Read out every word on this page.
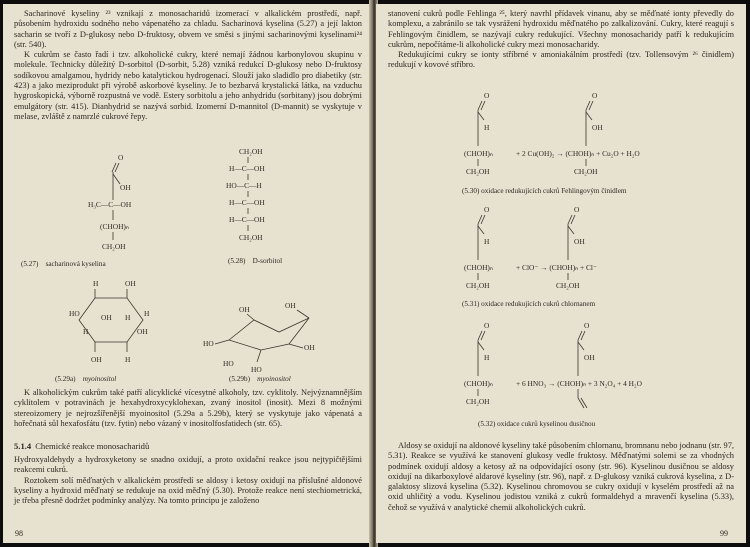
Sacharinové kyseliny ²³ vznikají z monosacharidů izomerací v alkalickém prostředí, např. působením hydroxidu sodného nebo vápenatého za chladu. Sacharinová kyselina (5.27) a její lakton sacharin se tvoří z D-glukosy nebo D-fruktosy, obvem ve směsi s jinými sacharinovými kyselinami²⁴ (str. 540).

K cukrům se často řadí i tzv. alkoholické cukry, které nemají žádnou karbonylovou skupinu v molekule. Technicky důležitý D-sorbitol (D-sorbit, 5.28) vzniká redukcí D-glukosy nebo D-fruktosy sodíkovou amalgamou, hydridy nebo katalytickou hydrogenací. Slouží jako sladidlo pro diabetiky (str. 423) a jako meziprodukt při výrobě askorbové kyseliny. Je to bezbarvá krystalická látka, na vzduchu hygroskopická, výborně rozpustná ve vodě. Estery sorbitolu a jeho anhydridu (sorbitany) jsou dobrými emulgátory (str. 415). Dianhydrid se nazývá sorbid. Izomerní D-mannitol (D-mannit) se vyskytuje v melase, zvláště z namrzlé cukrové řepy.

O
OH
H₃C—C—OH
(CHOH)ₙ
CH₂OH
(5.27) sacharinová kyselina
CH₂OH
H—C—OH
HO—C—H
H—C—OH
H—C—OH
CH₂OH
(5.28) D-sorbitol
H	OH
HO	H
OH H
H	OH
OH	H
(5.29a) myoinositol
OH	OH
HO	OH
HO
HO
(5.29b) myoinositol

K alkoholickým cukrům také patří alicyklické vícesytné alkoholy, tzv. cyklitoly. Nejvýznamnějším cyklitolem v potravinách je hexahydroxycyklohexan, zvaný inositol (inosit). Mezi 8 možnými stereoizomery je nejrozšířenější myoinositol (5.29a a 5.29b), který se vyskytuje jako vápenatá a hořečnatá sůl hexafosfátu (tzv. fytin) nebo vázaný v inositolfosfatidech (str. 65).

5.1.4 Chemické reakce monosacharidů

Hydroxyaldehydy a hydroxyketony se snadno oxidují, a proto oxidační reakce jsou nejtypičtějšími reakcemi cukrů.

Roztokem solí měďnatých v alkalickém prostředí se aldosy i ketosy oxidují na příslušné aldonové kyseliny a hydroxid měďnatý se redukuje na oxid měďný (5.30). Protože reakce není stechiometrická, je třeba přesně dodržet podmínky analýzy. Na tomto principu je založeno

98

stanovení cukrů podle Fehlinga ²⁵, který navrhl přídavek vinanu, aby se měďnaté ionty převedly do komplexu, a zabránilo se tak vysrážení hydroxidu měďnatého po zalkalizování. Cukry, které reagují s Fehlingovým činidlem, se nazývají cukry redukující. Všechny monosacharidy patří k redukujícím cukrům, nepočítáme-li alkoholické cukry mezi monosacharidy.

Redukujícími cukry se ionty stříbrné v amoniakálním prostředí (tzv. Tollensovým ²⁶ činidlem) redukují v kovové stříbro.

O
H
(CHOH)ₙ
CH₂OH
+ 2 Cu(OH)₂ → (CHOH)ₙ + Cu₂O + H₂O
O
OH
CH₂OH
(5.30) oxidace redukujících cukrů Fehlingovým činidlem
O
H
(CHOH)ₙ
CH₂OH
+ ClO⁻ → (CHOH)ₙ + Cl⁻
O
OH
CH₂OH
(5.31) oxidace redukujících cukrů chlornanem
O
H
(CHOH)ₙ
CH₂OH
+ 6 HNO₃ → (CHOH)ₙ + 3 N₂O₄ + 4 H₂O
O
OH
(5.32) oxidace cukrů kyselinou dusičnou

Aldosy se oxidují na aldonové kyseliny také působením chlornanu, bromnanu nebo jodnanu (str. 97, 5.31). Reakce se využívá ke stanovení glukosy vedle fruktosy. Měďnatými solemi se za vhodných podmínek oxidují aldosy a ketosy až na odpovídající osony (str. 96). Kyselinou dusičnou se aldosy oxidují na dikarboxylové aldarové kyseliny (str. 96), např. z D-glukosy vzniká cukrová kyselina, z D-galaktosy slizová kyselina (5.32). Kyselinou chromovou se cukry oxidují v kyselém prostředí až na oxid uhličitý a vodu. Kyselinou jodistou vzniká z cukrů formaldehyd a mravenčí kyselina (5.33), čehož se využívá v analytické chemii alkoholických cukrů.

99
